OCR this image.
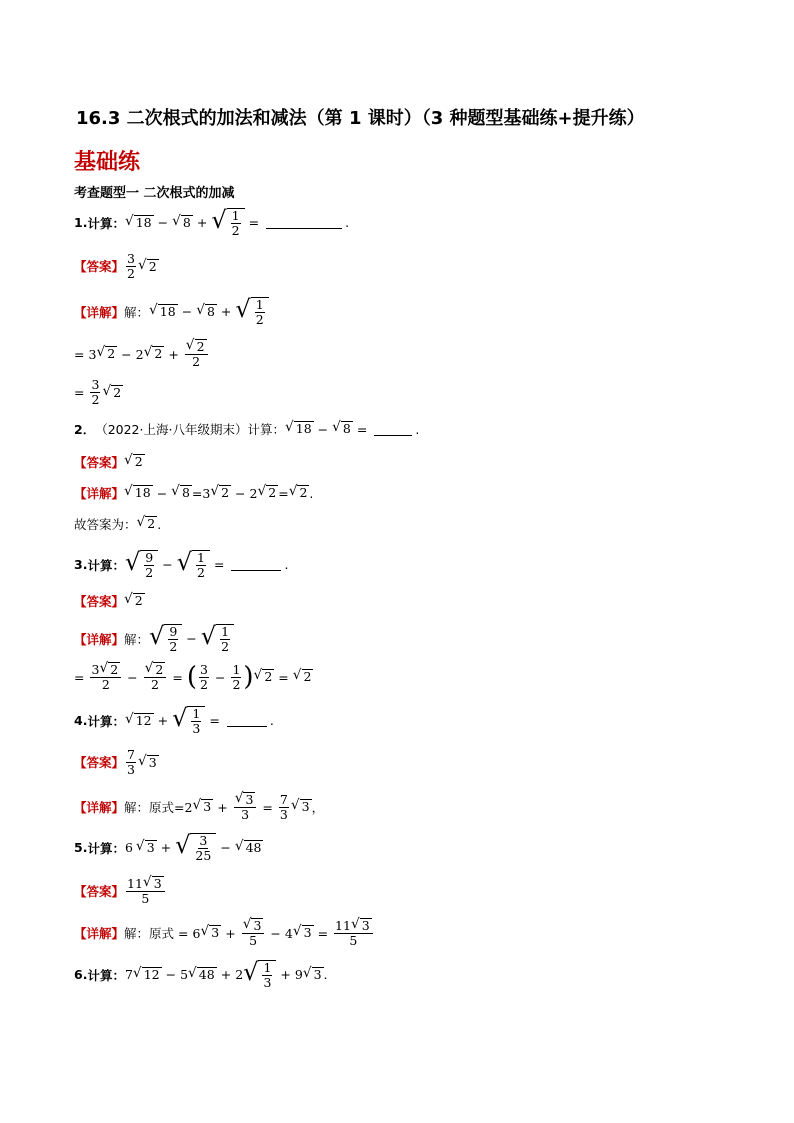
16.3 二次根式的加法和减法（第 1 课时）（3 种题型基础练+提升练）
基础练
考查题型一 二次根式的加减
1. 计算： √ 18 − √ 8 + √ $\frac{1}{2}$ =	.
【答案】 $\frac{3}{2}$ √ 2
【详解】 解： √ 18 − √ 8 + √ $\frac{1}{2}$
= 3 √ 2 − 2 √ $2 + \frac{√ 2}{2}$
= $\frac{3}{2}$ √ 2
2． （2022·上海·八年级期末） 计算： √ 18 − √ 8 =	.
【答案】 √ 2
【详解】 √ 18 − √ 8 = 3 √ 2 − 2 √ 2 = √ 2 .
故答案为： √ 2 .
3. 计算： √ $\frac{9}{2}$ − √ $\frac{1}{2}$ =	.
【答案】 √ 2
【详解】 解： √ $\frac{9}{2}$ − √ $\frac{1}{2}$
= $\frac{3 √ 2}{2} - \frac{√ 2}{2}$ = ( $\frac{3}{2} - \frac{1}{2}$ ) √ 2 = √ 2
4. 计算： √ 12 + √ $\frac{1}{3}$ =	.
【答案】 $\frac{7}{3}$ √ 3
【详解】 解： 原式 = 2 √ $3 + \frac{√ 3}{3} = \frac{7}{3}$ √ 3 ，
5. 计算： 6 √ 3 + √ $\frac{3}{25}$ − √ 48
【答案】 $\frac{11 √ 3}{5}$
【详解】 解： 原式 = 6 √ $3 + \frac{√ 3}{5} - 4$ √ $3 = \frac{11 √ 3}{5}$
6. 计算： 7 √ 12 − 5 √ 48 + 2 √ $\frac{1}{3} + 9$ √ 3 .
